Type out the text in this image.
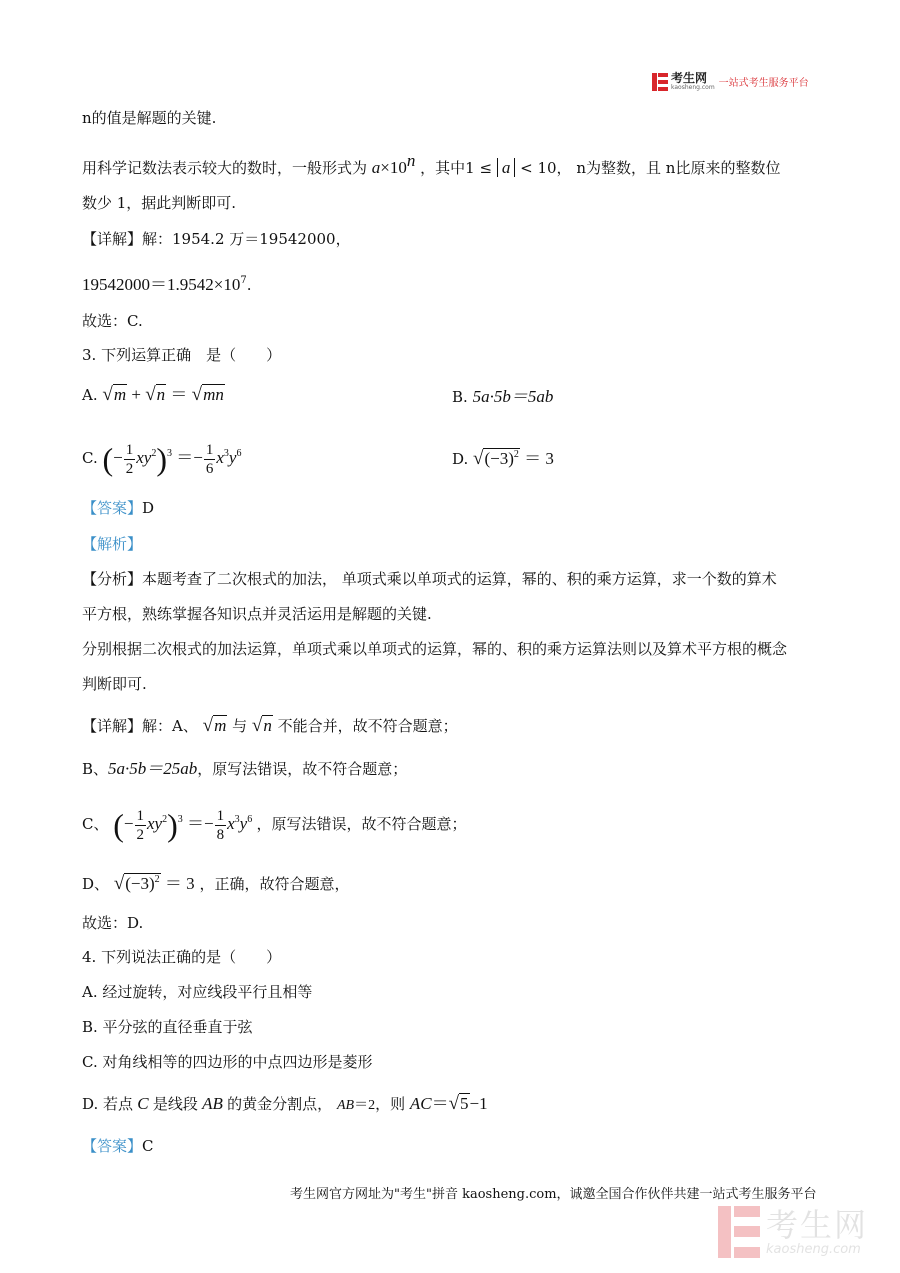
考生网
kaosheng.com 一站式考生服务平台
n的值是解题的关键.
用科学记数法表示较大的数时，一般形式为 $a\times 10^n$ ，其中1 ≤ a < 10， n为整数，且 n比原来的整数位
数少 1，据此判断即可.
【详解】解：1954.2 万＝19542000，
$19542000=1.9542\times 10^7$.
故选：C.
3. 下列运算正确　是（　　）
A. √m + √n ＝ √mn	B. 5a·5b＝5ab
C. (− $\frac{1}{2} xy^2)^3 =- \frac{1}{6} x^3y^6$	D. $√(-3)^2 = 3$
【答案】D
【解析】
【分析】本题考查了二次根式的加法， 单项式乘以单项式的运算，幂的、积的乘方运算，求一个数的算术
平方根，熟练掌握各知识点并灵活运用是解题的关键.
分别根据二次根式的加法运算，单项式乘以单项式的运算，幂的、积的乘方运算法则以及算术平方根的概念
判断即可.
【详解】解：A、 √m 与 √n 不能合并，故不符合题意；
B、5a·5b＝25ab，原写法错误，故不符合题意；
C、 (− $\frac{1}{2} xy^2)^3 =- \frac{1}{8} x^3y^6$ ，原写法错误，故不符合题意；
D、 $√(-3)^2 = 3$ ，正确，故符合题意，
故选：D.
4. 下列说法正确的是（　　）
A. 经过旋转，对应线段平行且相等
B. 平分弦的直径垂直于弦
C. 对角线相等的四边形的中点四边形是菱形
D. 若点 C 是线段 AB 的黄金分割点， AB＝2，则 AC＝√5−1
【答案】C
考生网官方网址为"考生"拼音 kaosheng.com，诚邀全国合作伙伴共建一站式考生服务平台
考生网
kaosheng.com
